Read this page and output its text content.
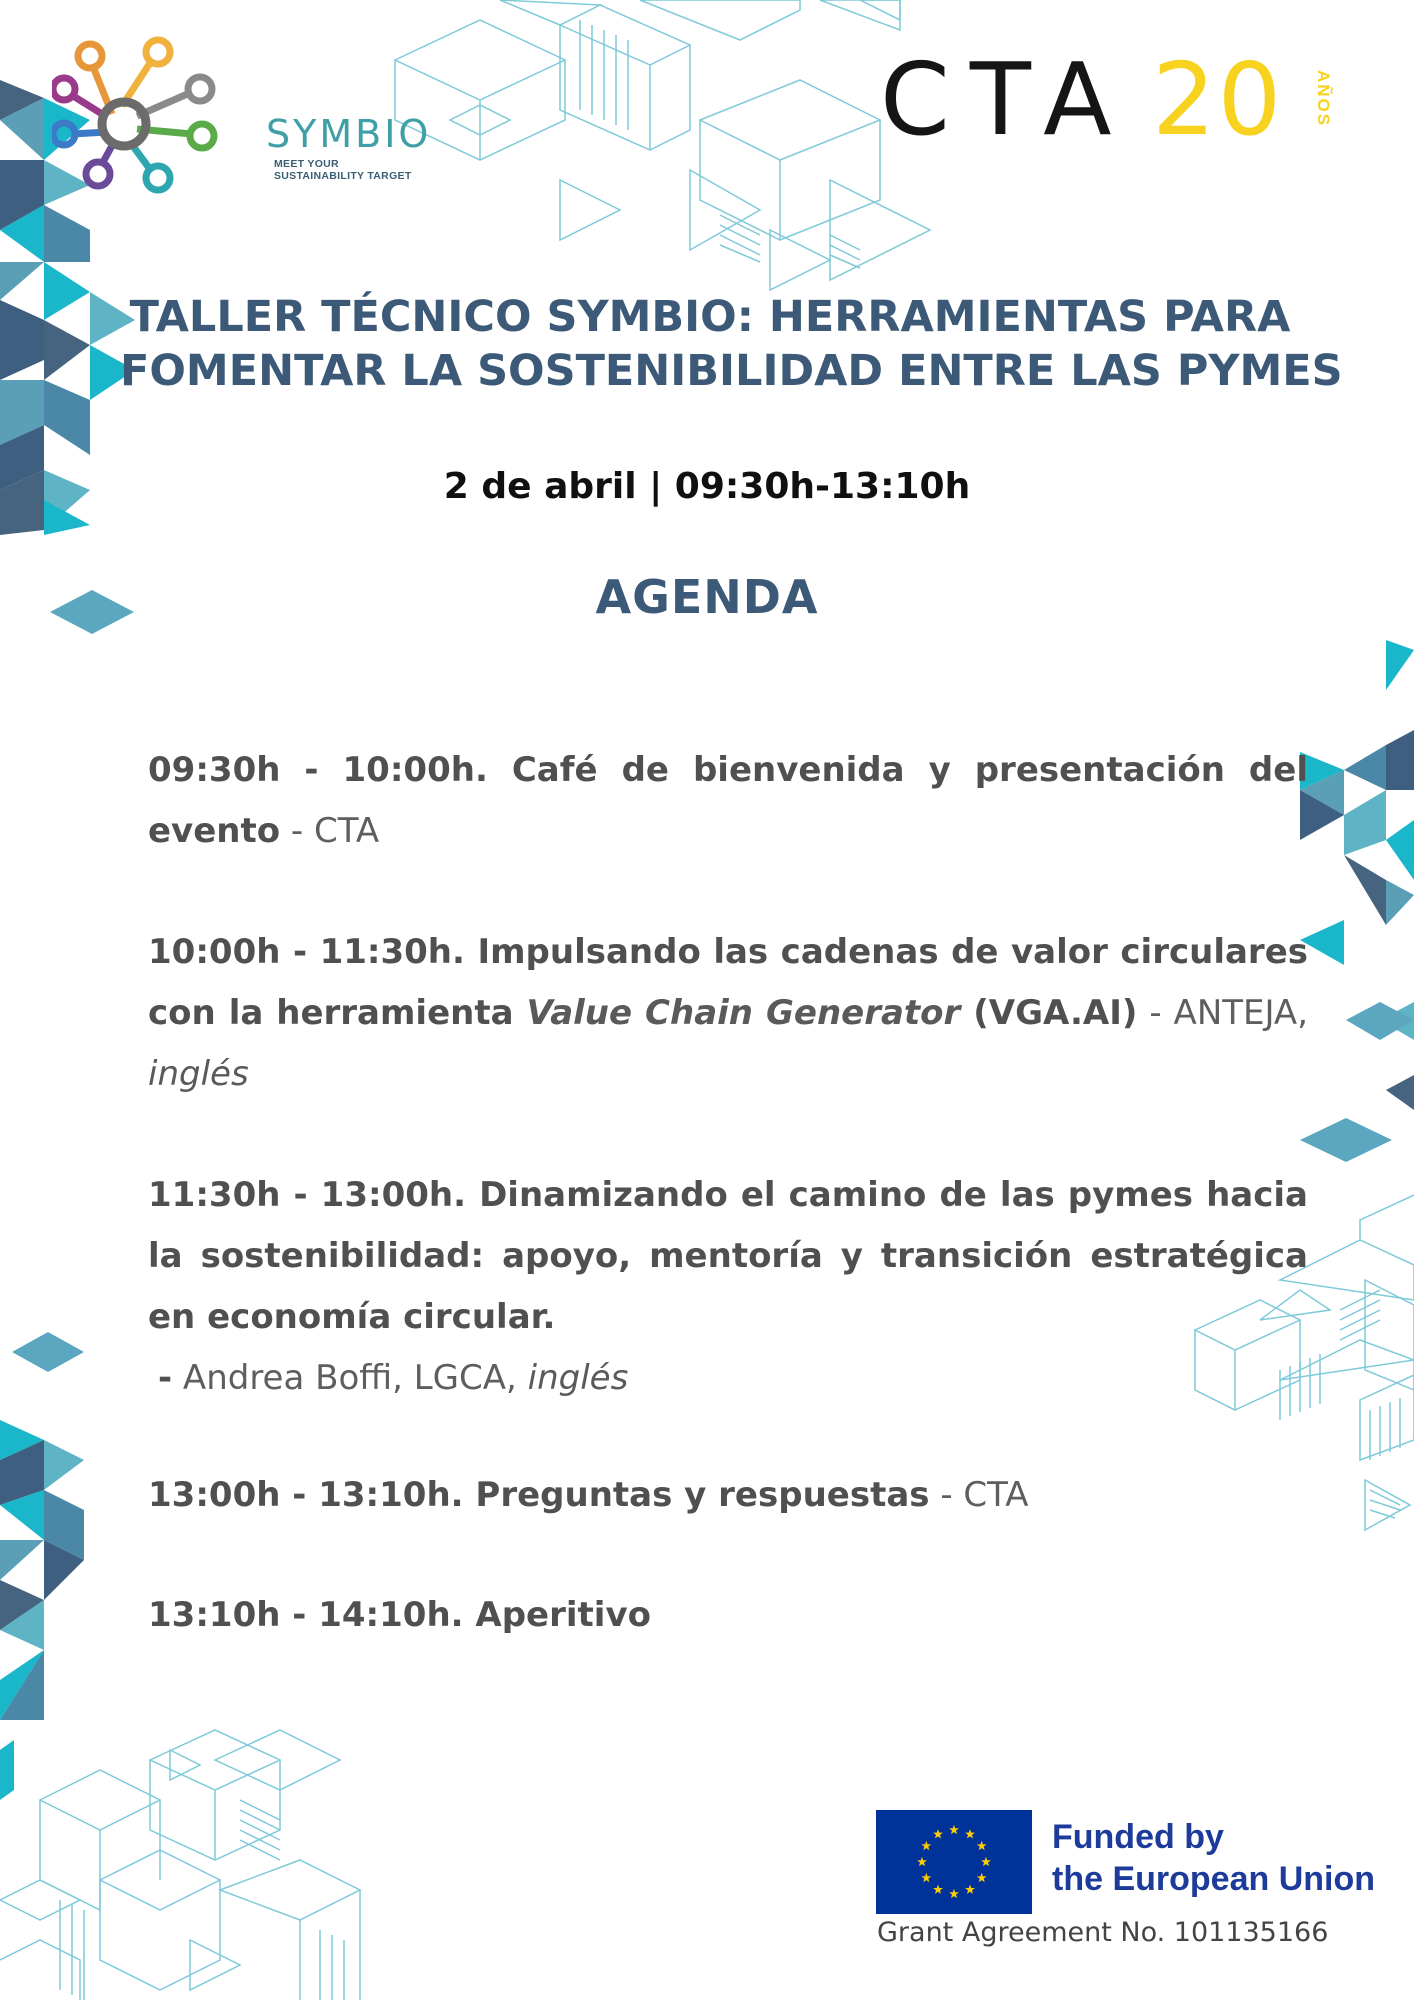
SYMBIO
MEET YOUR SUSTAINABILITY TARGET
CTA 20 AÑOS
TALLER TÉCNICO SYMBIO: HERRAMIENTAS PARA
FOMENTAR LA SOSTENIBILIDAD ENTRE LAS PYMES
2 de abril | 09:30h-13:10h
AGENDA
09:30h - 10:00h. Café de bienvenida y presentación del evento - CTA
10:00h - 11:30h. Impulsando las cadenas de valor circulares con la herramienta Value Chain Generator (VGA.AI) - ANTEJA, inglés
11:30h - 13:00h. Dinamizando el camino de las pymes hacia la sostenibilidad: apoyo, mentoría y transición estratégica en economía circular.
- Andrea Boffi, LGCA, inglés
13:00h - 13:10h. Preguntas y respuestas - CTA
13:10h - 14:10h. Aperitivo
Funded by
the European Union
Grant Agreement No. 101135166
